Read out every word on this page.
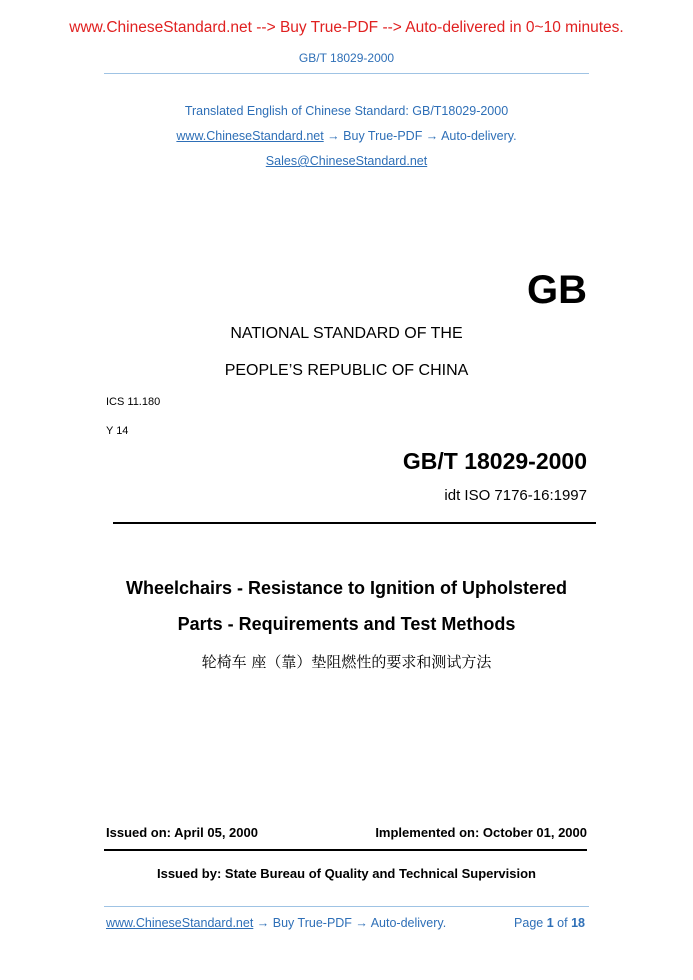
www.ChineseStandard.net --> Buy True-PDF --> Auto-delivered in 0~10 minutes.
GB/T 18029-2000
Translated English of Chinese Standard: GB/T18029-2000
www.ChineseStandard.net → Buy True-PDF → Auto-delivery.
Sales@ChineseStandard.net
GB
NATIONAL STANDARD OF THE
PEOPLE’S REPUBLIC OF CHINA
ICS 11.180
Y 14
GB/T 18029-2000
idt ISO 7176-16:1997
Wheelchairs - Resistance to Ignition of Upholstered
Parts - Requirements and Test Methods
轮椅车 座（靠）垫阻燃性的要求和测试方法
Issued on: April 05, 2000	Implemented on: October 01, 2000
Issued by: State Bureau of Quality and Technical Supervision
www.ChineseStandard.net → Buy True-PDF → Auto-delivery.	Page 1 of 18
